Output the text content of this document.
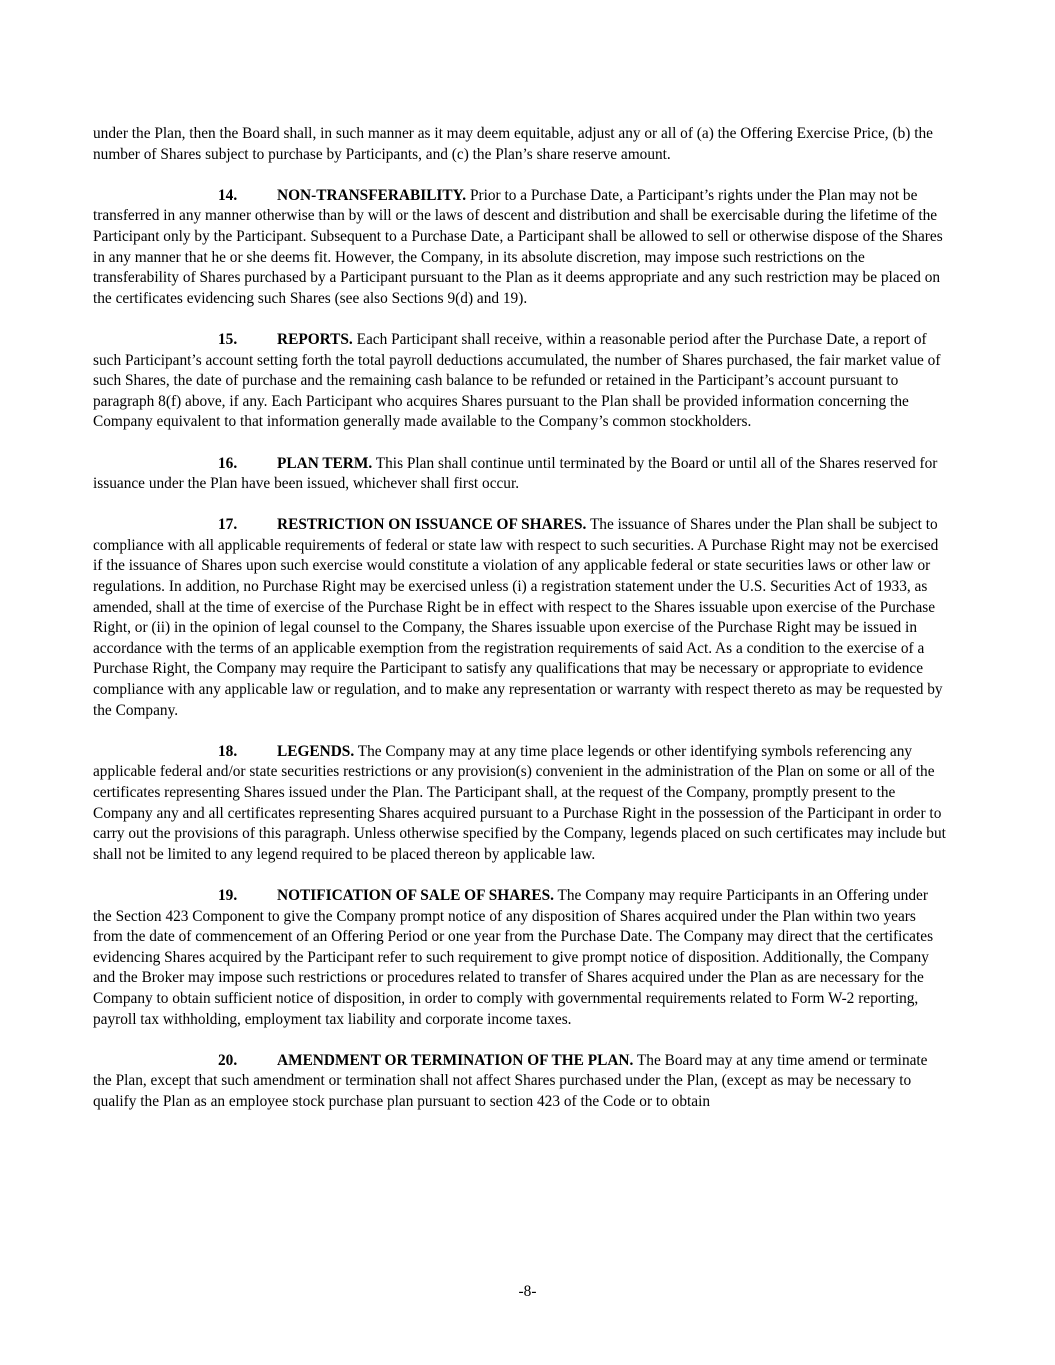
under the Plan, then the Board shall, in such manner as it may deem equitable, adjust any or all of (a) the Offering Exercise Price, (b) the number of Shares subject to purchase by Participants, and (c) the Plan’s share reserve amount.

14.	NON-TRANSFERABILITY. Prior to a Purchase Date, a Participant’s rights under the Plan may not be transferred in any manner otherwise than by will or the laws of descent and distribution and shall be exercisable during the lifetime of the Participant only by the Participant. Subsequent to a Purchase Date, a Participant shall be allowed to sell or otherwise dispose of the Shares in any manner that he or she deems fit. However, the Company, in its absolute discretion, may impose such restrictions on the transferability of Shares purchased by a Participant pursuant to the Plan as it deems appropriate and any such restriction may be placed on the certificates evidencing such Shares (see also Sections 9(d) and 19).

15.	REPORTS. Each Participant shall receive, within a reasonable period after the Purchase Date, a report of such Participant’s account setting forth the total payroll deductions accumulated, the number of Shares purchased, the fair market value of such Shares, the date of purchase and the remaining cash balance to be refunded or retained in the Participant’s account pursuant to paragraph 8(f) above, if any. Each Participant who acquires Shares pursuant to the Plan shall be provided information concerning the Company equivalent to that information generally made available to the Company’s common stockholders.

16.	PLAN TERM. This Plan shall continue until terminated by the Board or until all of the Shares reserved for issuance under the Plan have been issued, whichever shall first occur.

17.	RESTRICTION ON ISSUANCE OF SHARES. The issuance of Shares under the Plan shall be subject to compliance with all applicable requirements of federal or state law with respect to such securities. A Purchase Right may not be exercised if the issuance of Shares upon such exercise would constitute a violation of any applicable federal or state securities laws or other law or regulations. In addition, no Purchase Right may be exercised unless (i) a registration statement under the U.S. Securities Act of 1933, as amended, shall at the time of exercise of the Purchase Right be in effect with respect to the Shares issuable upon exercise of the Purchase Right, or (ii) in the opinion of legal counsel to the Company, the Shares issuable upon exercise of the Purchase Right may be issued in accordance with the terms of an applicable exemption from the registration requirements of said Act. As a condition to the exercise of a Purchase Right, the Company may require the Participant to satisfy any qualifications that may be necessary or appropriate to evidence compliance with any applicable law or regulation, and to make any representation or warranty with respect thereto as may be requested by the Company.

18.	LEGENDS. The Company may at any time place legends or other identifying symbols referencing any applicable federal and/or state securities restrictions or any provision(s) convenient in the administration of the Plan on some or all of the certificates representing Shares issued under the Plan. The Participant shall, at the request of the Company, promptly present to the Company any and all certificates representing Shares acquired pursuant to a Purchase Right in the possession of the Participant in order to carry out the provisions of this paragraph. Unless otherwise specified by the Company, legends placed on such certificates may include but shall not be limited to any legend required to be placed thereon by applicable law.

19.	NOTIFICATION OF SALE OF SHARES. The Company may require Participants in an Offering under the Section 423 Component to give the Company prompt notice of any disposition of Shares acquired under the Plan within two years from the date of commencement of an Offering Period or one year from the Purchase Date. The Company may direct that the certificates evidencing Shares acquired by the Participant refer to such requirement to give prompt notice of disposition. Additionally, the Company and the Broker may impose such restrictions or procedures related to transfer of Shares acquired under the Plan as are necessary for the Company to obtain sufficient notice of disposition, in order to comply with governmental requirements related to Form W-2 reporting, payroll tax withholding, employment tax liability and corporate income taxes.

20.	AMENDMENT OR TERMINATION OF THE PLAN. The Board may at any time amend or terminate the Plan, except that such amendment or termination shall not affect Shares purchased under the Plan, (except as may be necessary to qualify the Plan as an employee stock purchase plan pursuant to section 423 of the Code or to obtain

-8-
